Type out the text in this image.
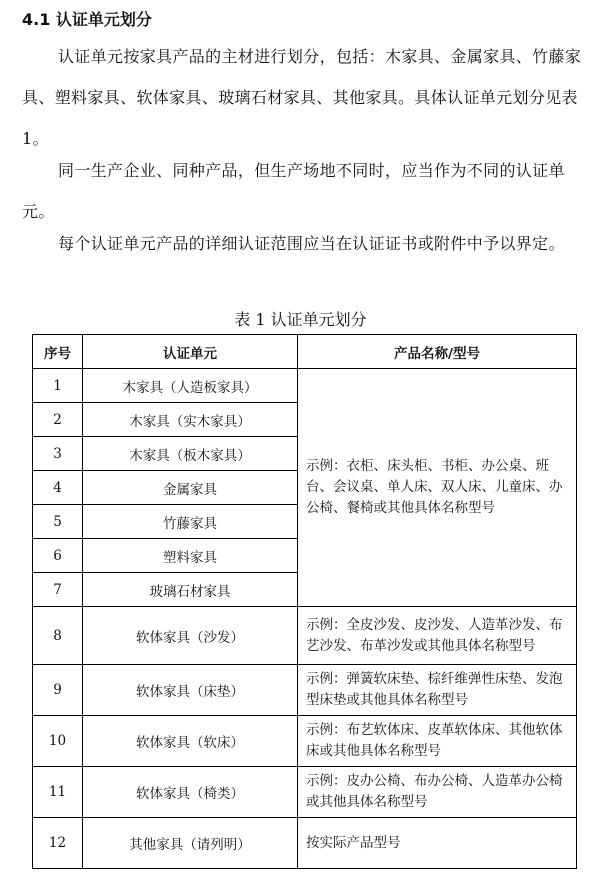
4.1 认证单元划分

认证单元按家具产品的主材进行划分，包括：木家具、金属家具、竹藤家具、塑料家具、软体家具、玻璃石材家具、其他家具。具体认证单元划分见表 1。

同一生产企业、同种产品，但生产场地不同时，应当作为不同的认证单元。

每个认证单元产品的详细认证范围应当在认证证书或附件中予以界定。

表 1 认证单元划分
序号	认证单元	产品名称/型号
1	木家具（人造板家具）	示例：衣柜、床头柜、书柜、办公桌、班台、会议桌、单人床、双人床、儿童床、办公椅、餐椅或其他具体名称型号
2	木家具（实木家具）	
3	木家具（板木家具）	
4	金属家具	
5	竹藤家具	
6	塑料家具	
7	玻璃石材家具	
8	软体家具（沙发）	示例：全皮沙发、皮沙发、人造革沙发、布艺沙发、布革沙发或其他具体名称型号
9	软体家具（床垫）	示例：弹簧软床垫、棕纤维弹性床垫、发泡型床垫或其他具体名称型号
10	软体家具（软床）	示例：布艺软体床、皮革软体床、其他软体床或其他具体名称型号
11	软体家具（椅类）	示例：皮办公椅、布办公椅、人造革办公椅或其他具体名称型号
12	其他家具（请列明）	按实际产品型号
